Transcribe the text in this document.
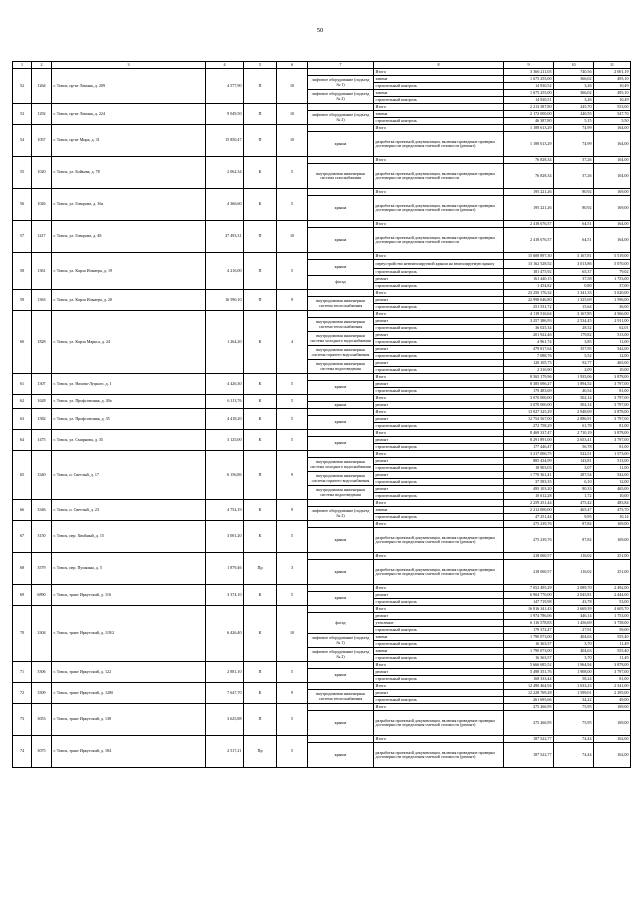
50
1	2	3	4	5	6	7	8	9	10	11
52	1264	г. Томск, пр-кт Ленина, д. 209	4 577,90	П	10		Итого	3 366 211,05	740,56	2 001,19
						лифтовое оборудование (подъезд № 1)	замена	1 675 255,00	366,02	495,10
							строительный контроль	14 930,52	3,26	10,49
						лифтовое оборудование (подъезд № 2)	замена	1 675 255,00	366,02	495,10
							строительный контроль	14 920,51	3,26	10,49
53	1292	г. Томск, пр-кт Ленина, д. 224	9 049,50	П	10		Итого	2 213 387,80	245,70	553,00
						лифтовое оборудование (подъезд № 2)	замена	2 172 000,00	240,55	547,70
							строительный контроль	46 387,80	5,15	5,50
54	1057	г. Томск, пр-кт Мира, д. 31	15 850,47	П	10		Итого	1 188 613,29	74,99	164,00
						крыша	разработка проектной документации, включая проведение проверки достоверности определения сметной стоимости (ремонт)	1 188 613,29	74,99	164,00
55	1020	г. Томск, ул. Бойкова, д. 78	2 062,34	К	5		Итого	76 828,34	37,26	104,00
						внутридомовая инженерная система газоснабжения	разработка проектной документации, включая проведение проверки достоверности определения сметной стоимости	76 828,34	37,26	104,00
56	1026	г. Томск, ул. Говорова, д. 36а	4 366,60	К	5		Итого	195 221,26	80,92	169,00
						крыша	разработка проектной документации, включая проведение проверки достоверности определения сметной стоимости (ремонт)	195 221,26	80,92	169,00
57	1417	г. Томск, ул. Говорова, д. 48	37 493,31	П	10		Итого	2 418 676,57	64,51	164,00
						крыша	разработка проектной документации, включая проведение проверки достоверности определения сметной стоимости	2 418 676,57	64,51	164,00
58	1361	г. Томск, ул. Карла Ильмера, д. 19	4 216,00	П	5		Итого	15 608 897,30	3 167,81	5 519,00
						крыша	переустройство невентилируемой крыши на вентилируемую крышу	13 162 528,52	3 013,86	5 070,00
							строительный контроль	181 475,92	65,37	79,02
						фасад	ремонт	161 440,15	37,58	1 753,00
							строительный контроль	1 454,82	0,80	37,00
59	1363	г. Томск, ул. Карла Ильмера, д. 20	16 590,10	П	9		Итого	23 250 176,32	1 341,33	3 620,00
						внутридомовая инженерная система теплоснабжения	ремонт	22 998 646,80	1 325,69	1 596,00
							строительный контроль	251 531,72	15,64	36,00
60	1828	г. Томск, ул. Карла Маркса, д. 24	1 264,20	К	4		Итого	4 119 516,64	3 167,85	4 566,00
						внутридомовая инженерная система теплоснабжения	ремонт	3 257 386,93	2 534,45	2 911,00
							строительный контроль	36 025,34	28,52	62,01
						внутридомовая инженерная система холодного водоснабжения	ремонт	201 922,46	179,82	513,00
							строительный контроль	4 961,74	3,85	11,00
						внутридомовая инженерная система горячего водоснабжения	ремонт	479 817,64	357,95	542,00
							строительный контроль	7 088,76	5,52	12,00
						внутридомовая инженерная система водоотведения	ремонт	120 105,75	92,77	465,00
							строительный контроль	2 316,90	2,09	10,00
61	1307	г. Томск, ул. Нахова-Луцкого, д. 1	4 426,30	К	5		Итого	8 565 179,96	1 935,06	3 878,00
						крыша	ремонт	8 385 696,27	1 894,52	3 797,00
							строительный контроль	179 483,69	40,54	81,00
62	1628	г. Томск, ул. Профсоюзная, д. 30а	6 113,76	К	5		Итого	3 070 000,00	502,14	3 797,00
						крыша	ремонт	3 070 000,00	502,14	3 797,00
63	1582	г. Томск, ул. Профсоюзная, д. 35	4 418,20	К	5		Итого	13 027 325,29	2 948,69	3 878,00
						крыша	ремонт	12 754 567,00	2 886,91	3 797,00
							строительный контроль	272 758,29	61,78	81,00
64	1475	г. Томск, ул. Смирнова, д. 35	3 125,00	К	5		Итого	8 469 337,47	2 710,19	3 878,00
						крыша	ремонт	8 291 891,00	2 653,41	3 797,00
							строительный контроль	177 446,47	56,78	81,00
65	3340	г. Томск, п. Светлый, д. 17	6 156,86	П	9		Итого	3 217 006,75	522,51	1 573,00
						внутридомовая инженерная система холодного водоснабжения	ремонт	885 434,99	143,81	513,00
							строительный контроль	18 903,03	3,07	11,00
						внутридомовая инженерная система горячего водоснабжения	ремонт	1 770 361,41	287,54	542,00
							строительный контроль	37 583,35	6,10	12,00
						внутридомовая инженерная система водоотведения	ремонт	495 103,20	80,33	465,00
							строительный контроль	10 612,28	1,72	10,00
66	3346	г. Томск, п. Светлый, д. 23	4 752,19	К	9		Итого	2 259 251,44	475,42	483,84
						лифтовое оборудование (подъезд № 2)	замена	2 212 000,00	465,47	475,70
							строительный контроль	47 251,44	9,95	10,14
67	3150	г. Томск, пер. Хвойный, д. 15	3 001,20	К	5		Итого	275 239,76	87,82	169,00
						крыша	разработка проектной документации, включая проведение проверки достоверности определения сметной стоимости (ремонт)	275 239,76	87,82	169,00
68	3579	г. Томск, пер. Пушкина, д. 5	1 879,46	Пр	3		Итого	218 060,57	116,02	251,00
						крыша	разработка проектной документации, включая проведение проверки достоверности определения сметной стоимости (ремонт)	218 060,57	116,02	251,00
69	6890	г. Томск, тракт Иркутский, д. 116	3 374,10	К	5		Итого	7 052 495,29	2 089,70	2 492,00
						крыша	ремонт	6 904 770,00	2 045,81	2 444,00
							строительный контроль	147 719,98	43,78	53,00
70	3304	г. Томск, тракт Иркутский, д. 118/2	6 426,40	К	10		Итого	16 816 341,43	2 669,39	4 605,70
						фасад	ремонт	1 974 786,06	446,14	1 753,00
							утепление	6 116 578,83	1 456,69	3 758,00
							строительный контроль	179 372,47	27,91	59,00
						лифтовое оборудование (подъезд № 1)	замена	1 790 073,00	404,63	555,40
							строительный контроль	16 363,57	3,70	11,49
						лифтовое оборудование (подъезд № 2)	замена	1 790 073,00	404,63	555,40
							строительный контроль	16 363,57	3,70	11,49
71	3306	г. Томск, тракт Иркутский, д. 122	2 881,10	П	5		Итого	5 666 685,52	1 964,94	3 878,00
						крыша	ремонт	5 498 351,76	1 908,00	3 797,00
							строительный контроль	168 333,44	58,24	81,00
72	3309	г. Томск, тракт Иркутский, д. 128б	7 647,70	К	9		Итого	12 490 464,94	1 633,23	2 341,00
						внутридомовая инженерная система теплоснабжения	ремонт	12 228 769,28	1 599,01	2 295,00
							строительный контроль	261 695,66	34,22	49,00
73	3053	г. Томск, тракт Иркутский, д. 138	3 625,88	П	5		Итого	275 266,95	75,95	169,00
						крыша	разработка проектной документации, включая проведение проверки достоверности определения сметной стоимости (ремонт)	275 266,95	75,95	169,00
74	3075	г. Томск, тракт Иркутский, д. 184	2 517,21	Пр	5		Итого	187 522,77	74,44	162,00
						крыша	разработка проектной документации, включая проведение проверки достоверности определения сметной стоимости (ремонт)	187 522,77	74,44	162,00
